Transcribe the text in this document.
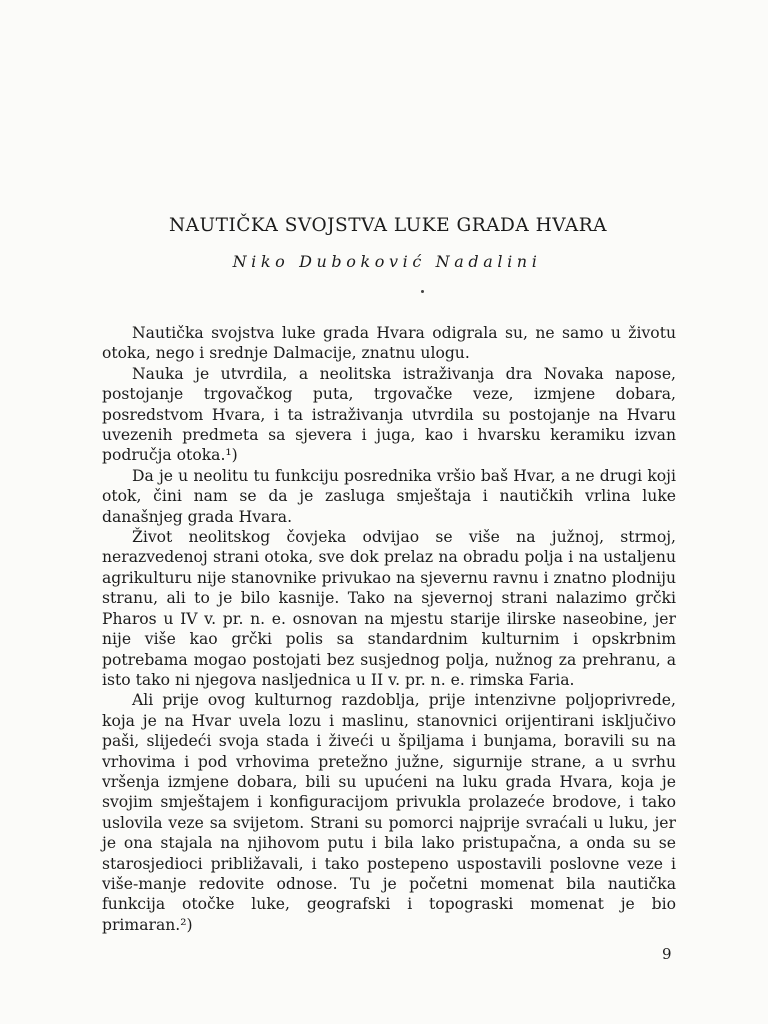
NAUTIČKA SVOJSTVA LUKE GRADA HVARA
Niko Duboković Nadalini

Nautička svojstva luke grada Hvara odigrala su, ne samo u životu otoka, nego i srednje Dalmacije, znatnu ulogu.

Nauka je utvrdila, a neolitska istraživanja dra Novaka napose, postojanje trgovačkog puta, trgovačke veze, izmjene dobara, posredstvom Hvara, i ta istraživanja utvrdila su postojanje na Hvaru uvezenih predmeta sa sjevera i juga, kao i hvarsku keramiku izvan područja otoka.¹)

Da je u neolitu tu funkciju posrednika vršio baš Hvar, a ne drugi koji otok, čini nam se da je zasluga smještaja i nautičkih vrlina luke današnjeg grada Hvara.

Život neolitskog čovjeka odvijao se više na južnoj, strmoj, nerazvedenoj strani otoka, sve dok prelaz na obradu polja i na ustaljenu agrikulturu nije stanovnike privukao na sjevernu ravnu i znatno plodniju stranu, ali to je bilo kasnije. Tako na sjevernoj strani nalazimo grčki Pharos u IV v. pr. n. e. osnovan na mjestu starije ilirske naseobine, jer nije više kao grčki polis sa standardnim kulturnim i opskrbnim potrebama mogao postojati bez susjednog polja, nužnog za prehranu, a isto tako ni njegova nasljednica u II v. pr. n. e. rimska Faria.

Ali prije ovog kulturnog razdoblja, prije intenzivne poljoprivrede, koja je na Hvar uvela lozu i maslinu, stanovnici orijentirani isključivo paši, slijedeći svoja stada i živeći u špiljama i bunjama, boravili su na vrhovima i pod vrhovima pretežno južne, sigurnije strane, a u svrhu vršenja izmjene dobara, bili su upućeni na luku grada Hvara, koja je svojim smještajem i konfiguracijom privukla prolazeće brodove, i tako uslovila veze sa svijetom. Strani su pomorci najprije svraćali u luku, jer je ona stajala na njihovom putu i bila lako pristupačna, a onda su se starosjedioci približavali, i tako postepeno uspostavili poslovne veze i više-manje redovite odnose. Tu je početni momenat bila nautička funkcija otočke luke, geografski i topograski momenat je bio primaran.²)

9
